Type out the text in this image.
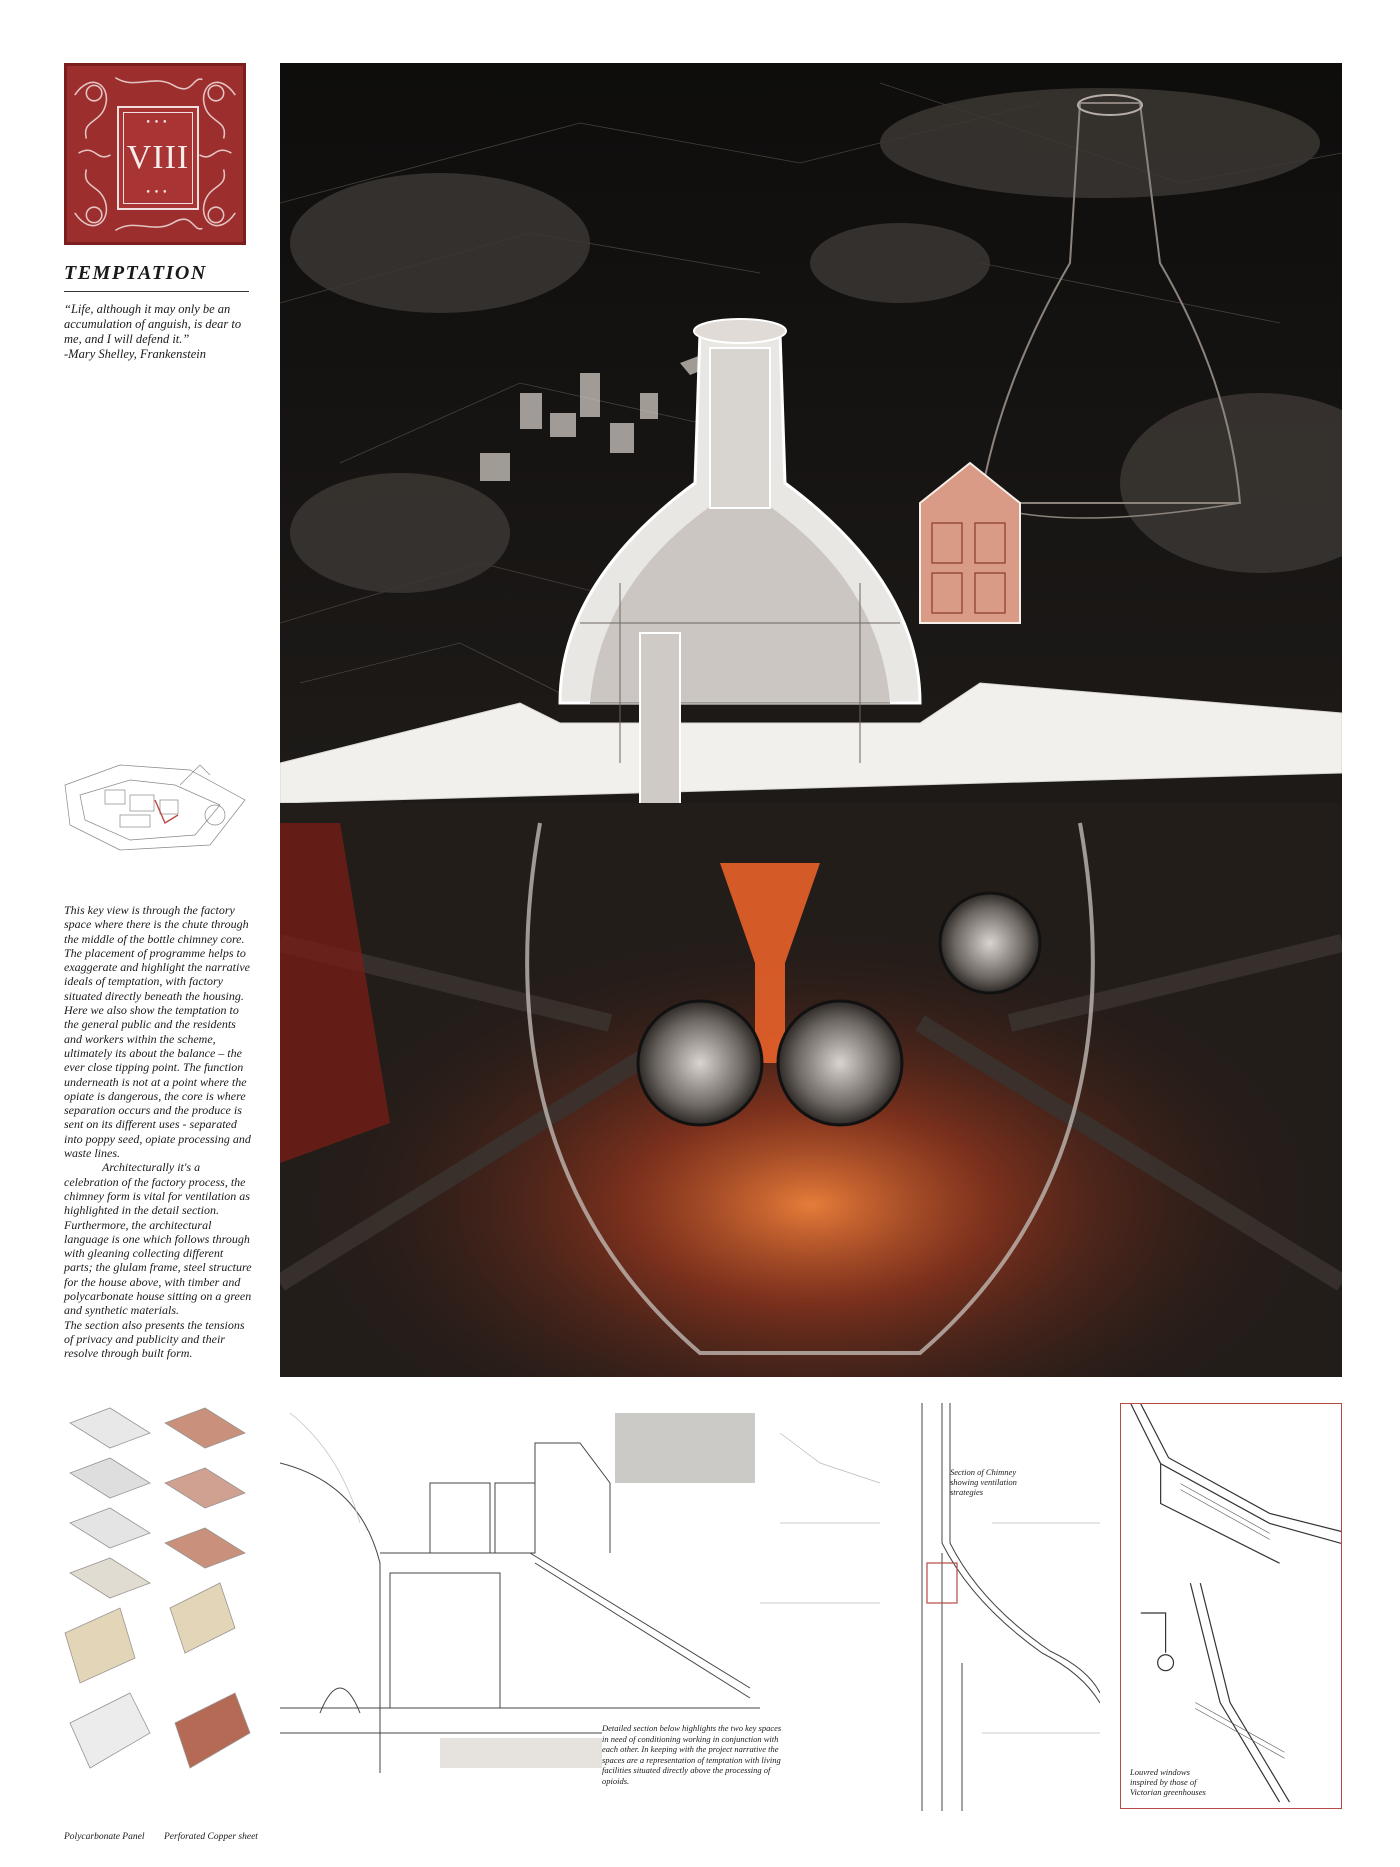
•••
VIII
•••
TEMPTATION
“Life, although it may only be an accumulation of anguish, is dear to me, and I will defend it.”
-Mary Shelley, Frankenstein

This key view is through the factory space where there is the chute through the middle of the bottle chimney core. The placement of programme helps to exaggerate and highlight the narrative ideals of temptation, with factory situated directly beneath the housing.

Here we also show the temptation to the general public and the residents and workers within the scheme, ultimately its about the balance – the ever close tipping point. The function underneath is not at a point where the opiate is dangerous, the core is where separation occurs and the produce is sent on its different uses - separated into poppy seed, opiate processing and waste lines.

Architecturally it's a celebration of the factory process, the chimney form is vital for ventilation as highlighted in the detail section. Furthermore, the architectural language is one which follows through with gleaning collecting different parts; the glulam frame, steel structure for the house above, with timber and polycarbonate house sitting on a green and synthetic materials.

The section also presents the tensions of privacy and publicity and their resolve through built form.

Polycarbonate Panel Perforated Copper sheet
Detailed section below highlights the two key spaces in need of conditioning working in conjunction with each other. In keeping with the project narrative the spaces are a representation of temptation with living facilities situated directly above the processing of opioids.
Section of Chimney showing ventilation strategies
Louvred windows inspired by those of Victorian greenhouses
